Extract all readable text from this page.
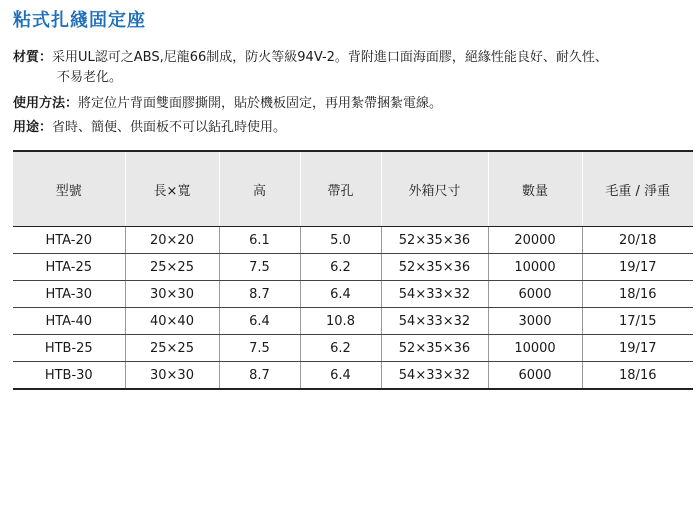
粘式扎綫固定座
材質：采用UL認可之ABS,尼龍66制成，防火等級94V-2。背附進口面海面膠，絕緣性能良好、耐久性、
不易老化。
使用方法：將定位片背面雙面膠撕開，貼於機板固定，再用紮帶捆紮電線。
用途：省時、簡便、供面板不可以鉆孔時使用。
型號	長×寬	高	帶孔	外箱尺寸	數量	毛重 / 淨重
HTA-20	20×20	6.1	5.0	52×35×36	20000	20/18
HTA-25	25×25	7.5	6.2	52×35×36	10000	19/17
HTA-30	30×30	8.7	6.4	54×33×32	6000	18/16
HTA-40	40×40	6.4	10.8	54×33×32	3000	17/15
HTB-25	25×25	7.5	6.2	52×35×36	10000	19/17
HTB-30	30×30	8.7	6.4	54×33×32	6000	18/16
